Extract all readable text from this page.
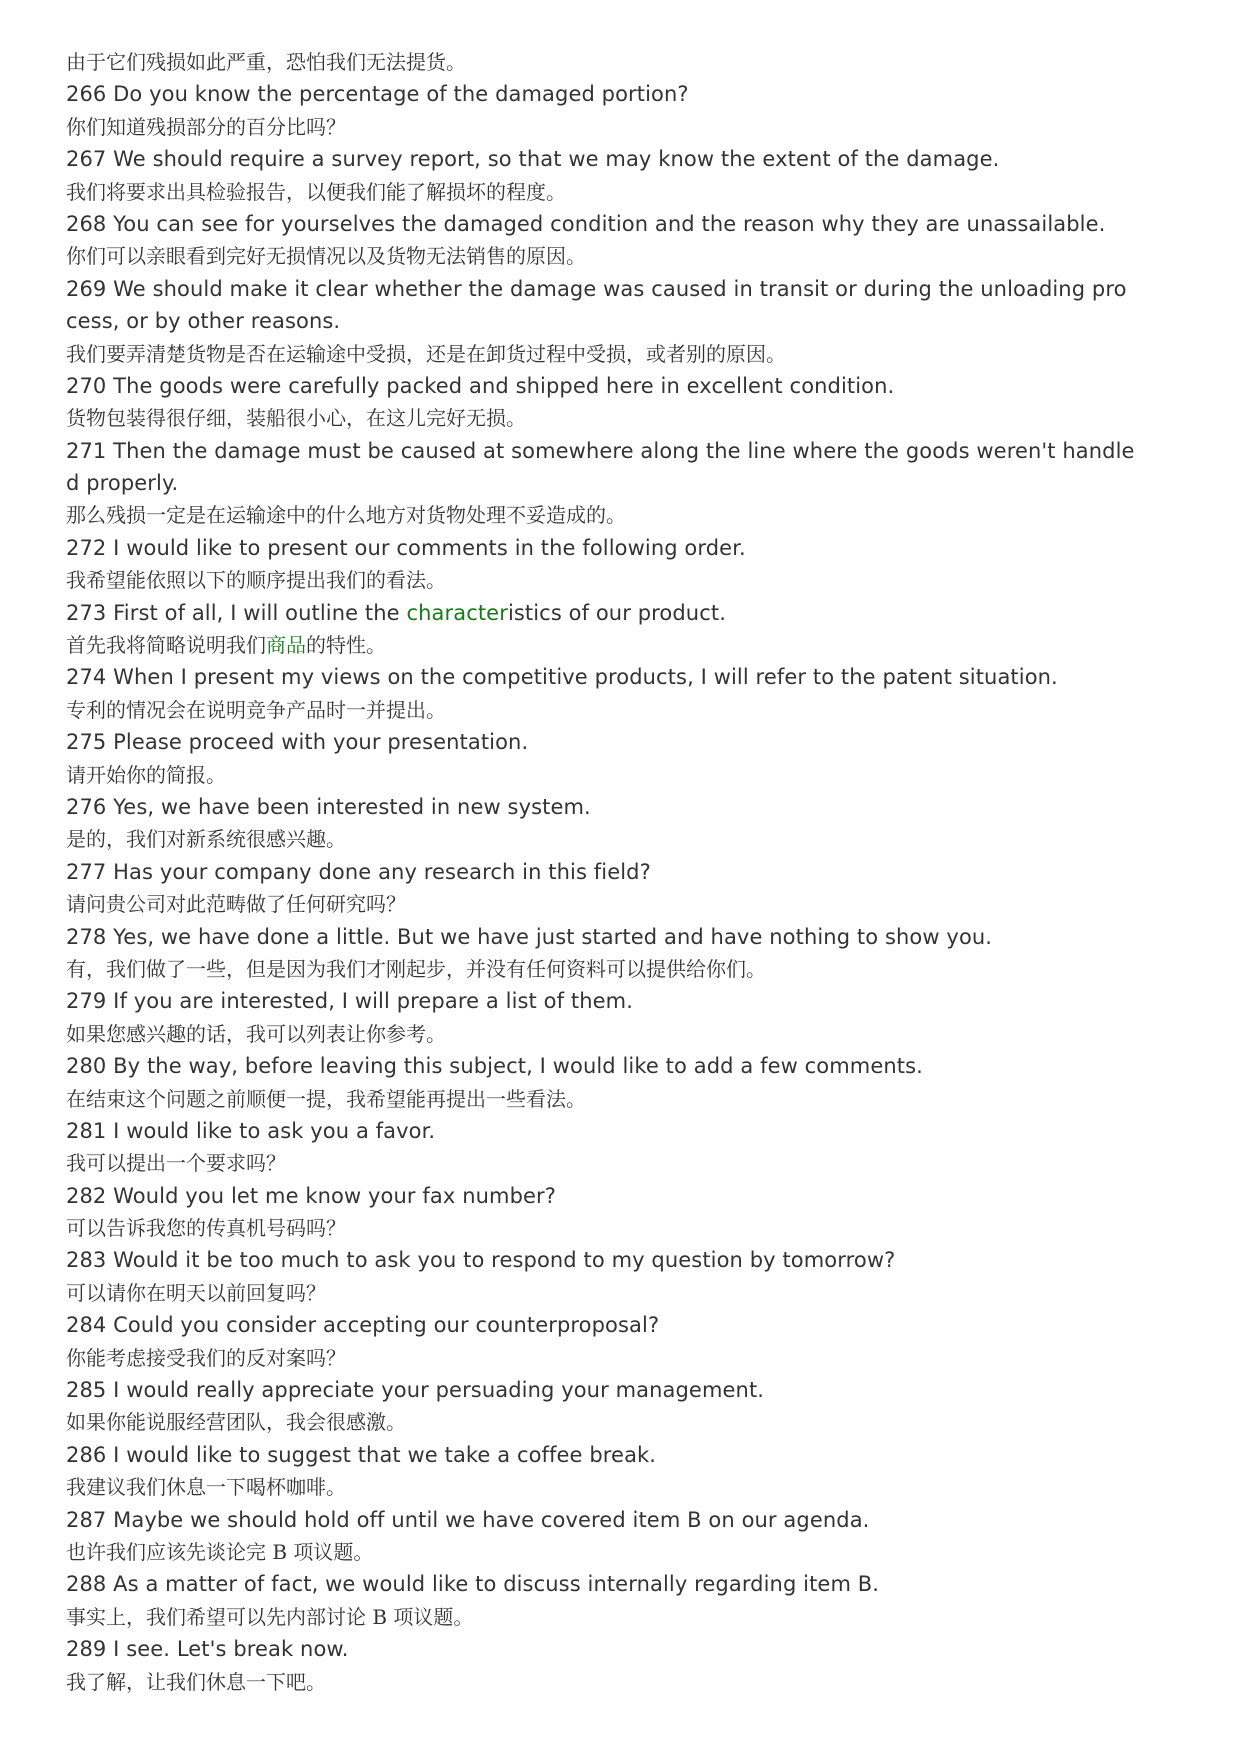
由于它们残损如此严重，恐怕我们无法提货。
266 Do you know the percentage of the damaged portion?
你们知道残损部分的百分比吗？
267 We should require a survey report, so that we may know the extent of the damage.
我们将要求出具检验报告，以便我们能了解损坏的程度。
268 You can see for yourselves the damaged condition and the reason why they are unassailable.
你们可以亲眼看到完好无损情况以及货物无法销售的原因。
269 We should make it clear whether the damage was caused in transit or during the unloading pro
cess, or by other reasons.
我们要弄清楚货物是否在运输途中受损，还是在卸货过程中受损，或者别的原因。
270 The goods were carefully packed and shipped here in excellent condition.
货物包装得很仔细，装船很小心，在这儿完好无损。
271 Then the damage must be caused at somewhere along the line where the goods weren't handle
d properly.
那么残损一定是在运输途中的什么地方对货物处理不妥造成的。
272 I would like to present our comments in the following order.
我希望能依照以下的顺序提出我们的看法。
273 First of all, I will outline the characteristics of our product.
首先我将简略说明我们商品的特性。
274 When I present my views on the competitive products, I will refer to the patent situation.
专利的情况会在说明竞争产品时一并提出。
275 Please proceed with your presentation.
请开始你的简报。
276 Yes, we have been interested in new system.
是的，我们对新系统很感兴趣。
277 Has your company done any research in this field?
请问贵公司对此范畴做了任何研究吗？
278 Yes, we have done a little. But we have just started and have nothing to show you.
有，我们做了一些，但是因为我们才刚起步，并没有任何资料可以提供给你们。
279 If you are interested, I will prepare a list of them.
如果您感兴趣的话，我可以列表让你参考。
280 By the way, before leaving this subject, I would like to add a few comments.
在结束这个问题之前顺便一提，我希望能再提出一些看法。
281 I would like to ask you a favor.
我可以提出一个要求吗？
282 Would you let me know your fax number?
可以告诉我您的传真机号码吗？
283 Would it be too much to ask you to respond to my question by tomorrow?
可以请你在明天以前回复吗？
284 Could you consider accepting our counterproposal?
你能考虑接受我们的反对案吗？
285 I would really appreciate your persuading your management.
如果你能说服经营团队，我会很感激。
286 I would like to suggest that we take a coffee break.
我建议我们休息一下喝杯咖啡。
287 Maybe we should hold off until we have covered item B on our agenda.
也许我们应该先谈论完 B 项议题。
288 As a matter of fact, we would like to discuss internally regarding item B.
事实上，我们希望可以先内部讨论 B 项议题。
289 I see. Let's break now.
我了解，让我们休息一下吧。
